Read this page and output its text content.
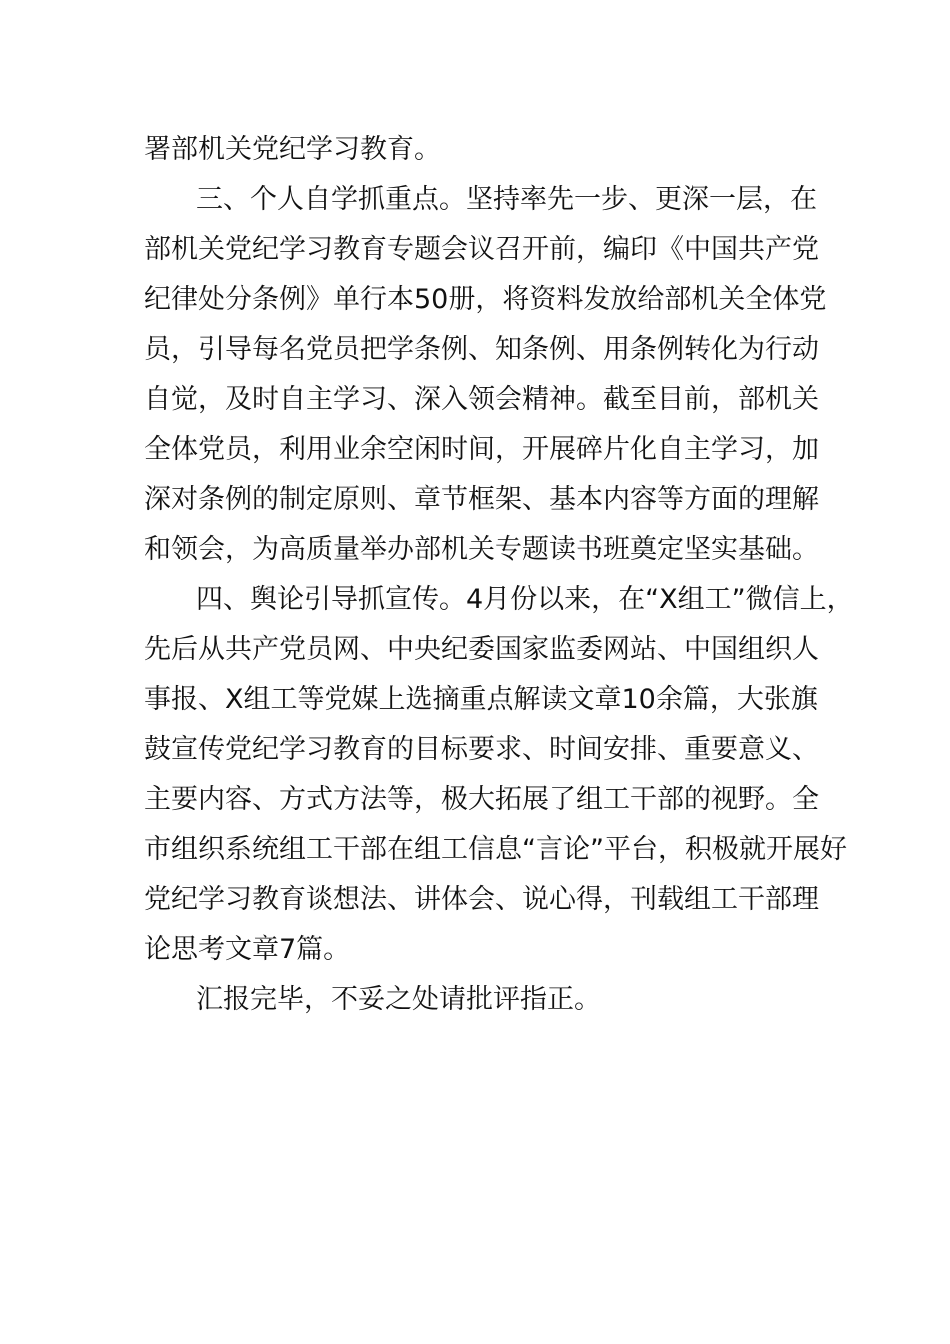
署部机关党纪学习教育。
三、个人自学抓重点。坚持率先一步、更深一层，在
部机关党纪学习教育专题会议召开前，编印《中国共产党
纪律处分条例》单行本50册，将资料发放给部机关全体党
员，引导每名党员把学条例、知条例、用条例转化为行动
自觉，及时自主学习、深入领会精神。截至目前，部机关
全体党员，利用业余空闲时间，开展碎片化自主学习，加
深对条例的制定原则、章节框架、基本内容等方面的理解
和领会，为高质量举办部机关专题读书班奠定坚实基础。
四、舆论引导抓宣传。4月份以来，在“X组工”微信上，
先后从共产党员网、中央纪委国家监委网站、中国组织人
事报、X组工等党媒上选摘重点解读文章10余篇，大张旗
鼓宣传党纪学习教育的目标要求、时间安排、重要意义、
主要内容、方式方法等，极大拓展了组工干部的视野。全
市组织系统组工干部在组工信息“言论”平台，积极就开展好
党纪学习教育谈想法、讲体会、说心得，刊载组工干部理
论思考文章7篇。
汇报完毕，不妥之处请批评指正。
